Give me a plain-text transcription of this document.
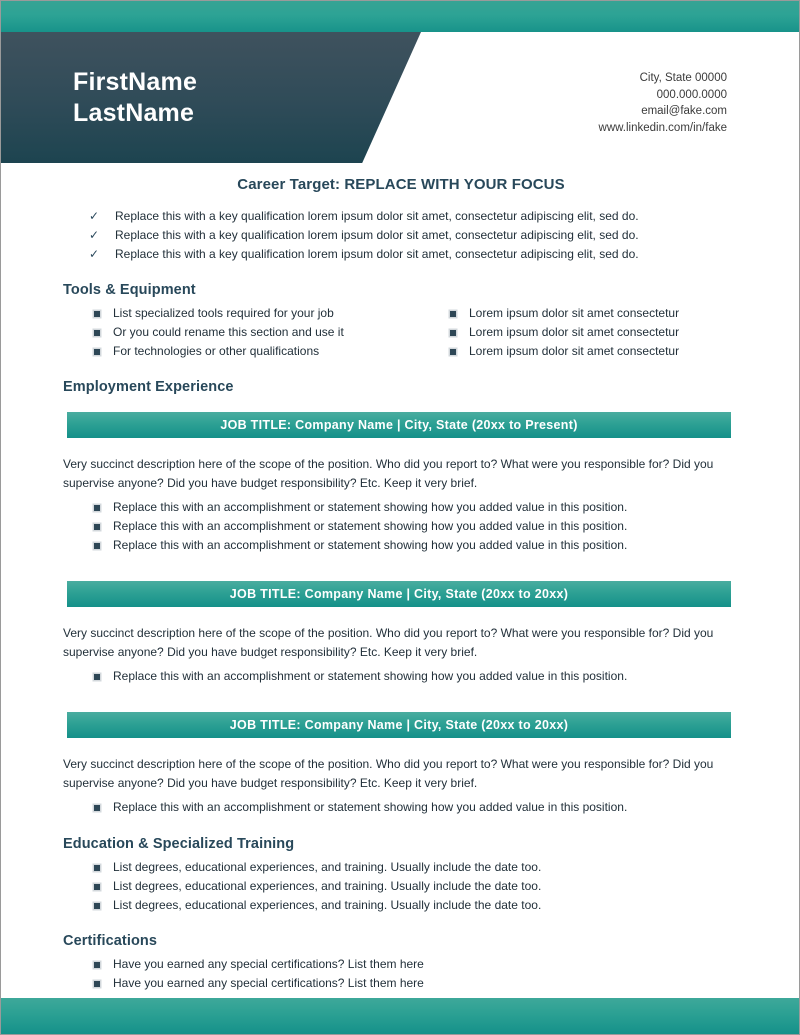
FirstName
LastName
City, State 00000
000.000.0000
email@fake.com
www.linkedin.com/in/fake
Career Target: REPLACE WITH YOUR FOCUS
✓ Replace this with a key qualification lorem ipsum dolor sit amet, consectetur adipiscing elit, sed do.
✓ Replace this with a key qualification lorem ipsum dolor sit amet, consectetur adipiscing elit, sed do.
✓ Replace this with a key qualification lorem ipsum dolor sit amet, consectetur adipiscing elit, sed do.
Tools & Equipment
List specialized tools required for your job
Or you could rename this section and use it
For technologies or other qualifications
Lorem ipsum dolor sit amet consectetur
Lorem ipsum dolor sit amet consectetur
Lorem ipsum dolor sit amet consectetur
Employment Experience
JOB TITLE: Company Name | City, State (20xx to Present)

Very succinct description here of the scope of the position. Who did you report to? What were you responsible for? Did you supervise anyone? Did you have budget responsibility? Etc. Keep it very brief.

Replace this with an accomplishment or statement showing how you added value in this position.
Replace this with an accomplishment or statement showing how you added value in this position.
Replace this with an accomplishment or statement showing how you added value in this position.
JOB TITLE: Company Name | City, State (20xx to 20xx)

Very succinct description here of the scope of the position. Who did you report to? What were you responsible for? Did you supervise anyone? Did you have budget responsibility? Etc. Keep it very brief.

Replace this with an accomplishment or statement showing how you added value in this position.
JOB TITLE: Company Name | City, State (20xx to 20xx)

Very succinct description here of the scope of the position. Who did you report to? What were you responsible for? Did you supervise anyone? Did you have budget responsibility? Etc. Keep it very brief.

Replace this with an accomplishment or statement showing how you added value in this position.
Education & Specialized Training
List degrees, educational experiences, and training. Usually include the date too.
List degrees, educational experiences, and training. Usually include the date too.
List degrees, educational experiences, and training. Usually include the date too.
Certifications
Have you earned any special certifications? List them here
Have you earned any special certifications? List them here
